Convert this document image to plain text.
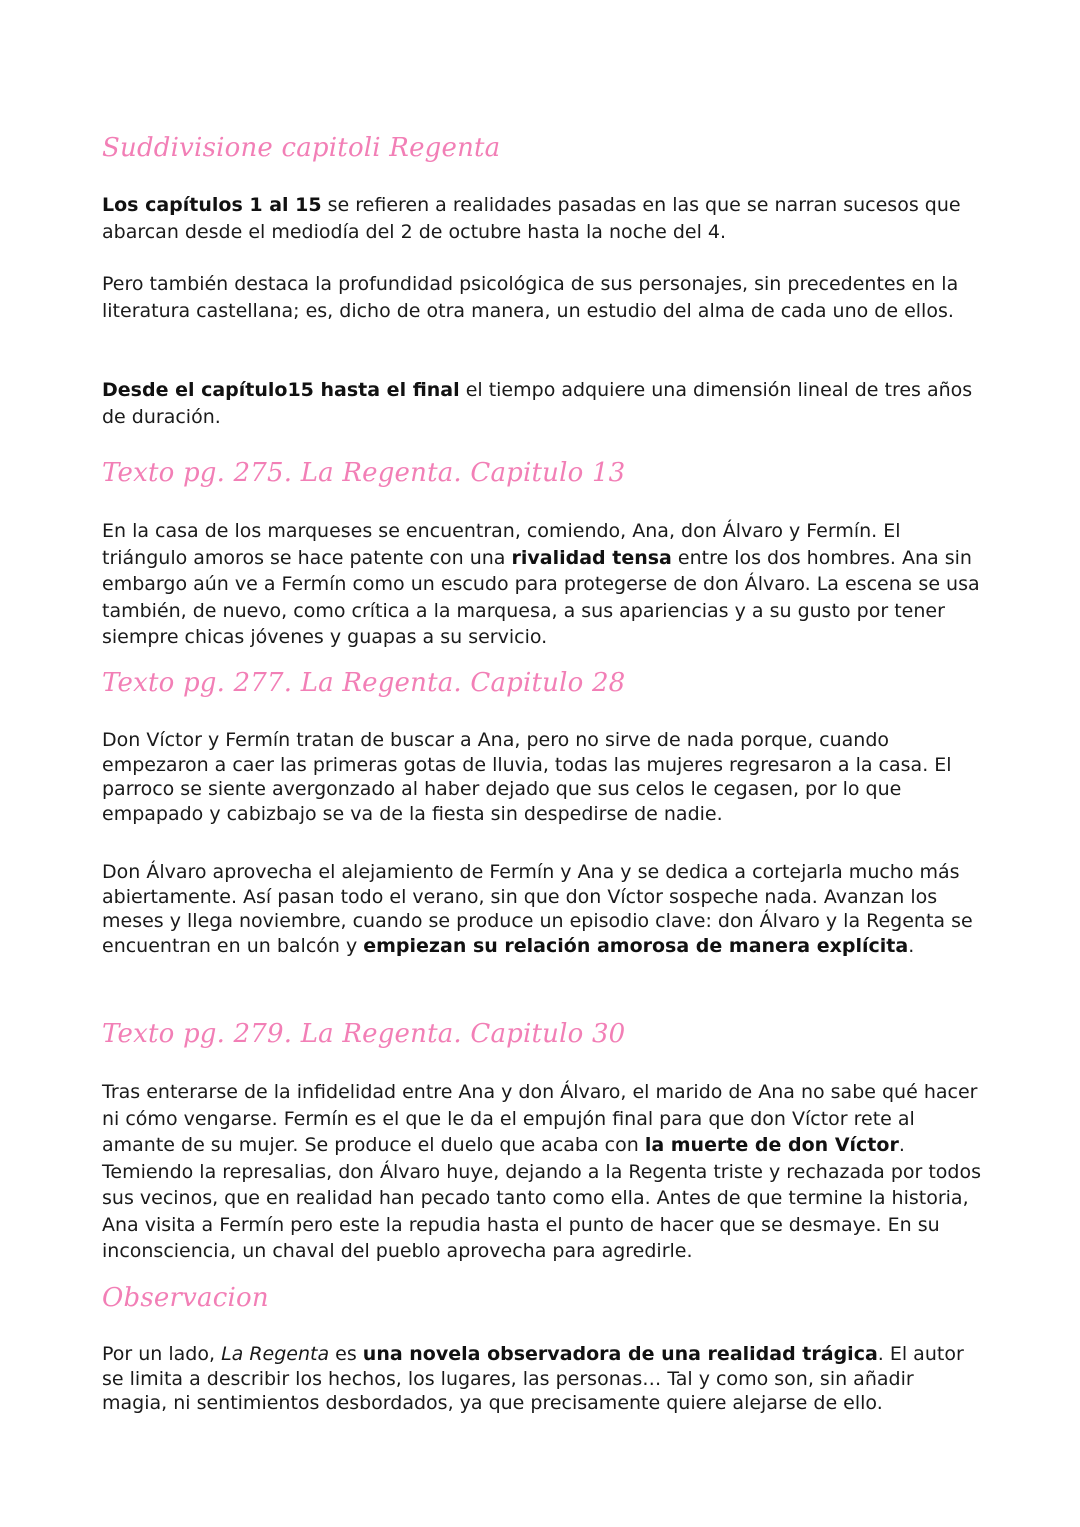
Suddivisione capitoli Regenta

Los capítulos 1 al 15 se refieren a realidades pasadas en las que se narran sucesos que abarcan desde el mediodía del 2 de octubre hasta la noche del 4.

Pero también destaca la profundidad psicológica de sus personajes, sin precedentes en la literatura castellana; es, dicho de otra manera, un estudio del alma de cada uno de ellos.

Desde el capítulo15 hasta el final el tiempo adquiere una dimensión lineal de tres años de duración.

Texto pg. 275. La Regenta. Capitulo 13

En la casa de los marqueses se encuentran, comiendo, Ana, don Álvaro y Fermín. El triángulo amoros se hace patente con una rivalidad tensa entre los dos hombres. Ana sin embargo aún ve a Fermín como un escudo para protegerse de don Álvaro. La escena se usa también, de nuevo, como crítica a la marquesa, a sus apariencias y a su gusto por tener siempre chicas jóvenes y guapas a su servicio.

Texto pg. 277. La Regenta. Capitulo 28

Don Víctor y Fermín tratan de buscar a Ana, pero no sirve de nada porque, cuando empezaron a caer las primeras gotas de lluvia, todas las mujeres regresaron a la casa. El parroco se siente avergonzado al haber dejado que sus celos le cegasen, por lo que empapado y cabizbajo se va de la fiesta sin despedirse de nadie.

Don Álvaro aprovecha el alejamiento de Fermín y Ana y se dedica a cortejarla mucho más abiertamente. Así pasan todo el verano, sin que don Víctor sospeche nada. Avanzan los meses y llega noviembre, cuando se produce un episodio clave: don Álvaro y la Regenta se encuentran en un balcón y empiezan su relación amorosa de manera explícita.

Texto pg. 279. La Regenta. Capitulo 30

Tras enterarse de la infidelidad entre Ana y don Álvaro, el marido de Ana no sabe qué hacer ni cómo vengarse. Fermín es el que le da el empujón final para que don Víctor rete al amante de su mujer. Se produce el duelo que acaba con la muerte de don Víctor. Temiendo la represalias, don Álvaro huye, dejando a la Regenta triste y rechazada por todos sus vecinos, que en realidad han pecado tanto como ella. Antes de que termine la historia, Ana visita a Fermín pero este la repudia hasta el punto de hacer que se desmaye. En su inconsciencia, un chaval del pueblo aprovecha para agredirle.

Observacion

Por un lado, La Regenta es una novela observadora de una realidad trágica. El autor se limita a describir los hechos, los lugares, las personas… Tal y como son, sin añadir magia, ni sentimientos desbordados, ya que precisamente quiere alejarse de ello.
